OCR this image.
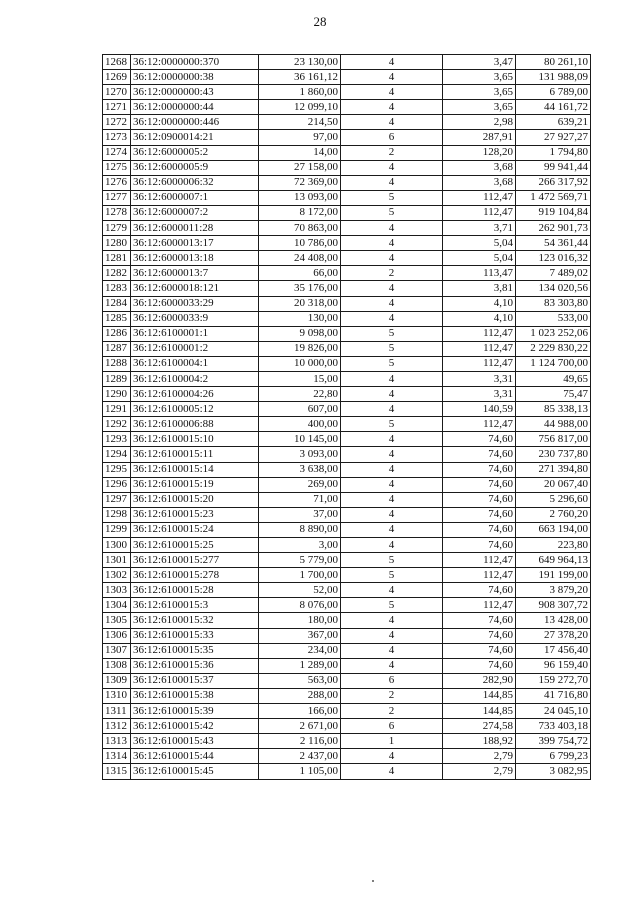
28
1268	36:12:0000000:370	23 130,00	4	3,47	80 261,10
1269	36:12:0000000:38	36 161,12	4	3,65	131 988,09
1270	36:12:0000000:43	1 860,00	4	3,65	6 789,00
1271	36:12:0000000:44	12 099,10	4	3,65	44 161,72
1272	36:12:0000000:446	214,50	4	2,98	639,21
1273	36:12:0900014:21	97,00	6	287,91	27 927,27
1274	36:12:6000005:2	14,00	2	128,20	1 794,80
1275	36:12:6000005:9	27 158,00	4	3,68	99 941,44
1276	36:12:6000006:32	72 369,00	4	3,68	266 317,92
1277	36:12:6000007:1	13 093,00	5	112,47	1 472 569,71
1278	36:12:6000007:2	8 172,00	5	112,47	919 104,84
1279	36:12:6000011:28	70 863,00	4	3,71	262 901,73
1280	36:12:6000013:17	10 786,00	4	5,04	54 361,44
1281	36:12:6000013:18	24 408,00	4	5,04	123 016,32
1282	36:12:6000013:7	66,00	2	113,47	7 489,02
1283	36:12:6000018:121	35 176,00	4	3,81	134 020,56
1284	36:12:6000033:29	20 318,00	4	4,10	83 303,80
1285	36:12:6000033:9	130,00	4	4,10	533,00
1286	36:12:6100001:1	9 098,00	5	112,47	1 023 252,06
1287	36:12:6100001:2	19 826,00	5	112,47	2 229 830,22
1288	36:12:6100004:1	10 000,00	5	112,47	1 124 700,00
1289	36:12:6100004:2	15,00	4	3,31	49,65
1290	36:12:6100004:26	22,80	4	3,31	75,47
1291	36:12:6100005:12	607,00	4	140,59	85 338,13
1292	36:12:6100006:88	400,00	5	112,47	44 988,00
1293	36:12:6100015:10	10 145,00	4	74,60	756 817,00
1294	36:12:6100015:11	3 093,00	4	74,60	230 737,80
1295	36:12:6100015:14	3 638,00	4	74,60	271 394,80
1296	36:12:6100015:19	269,00	4	74,60	20 067,40
1297	36:12:6100015:20	71,00	4	74,60	5 296,60
1298	36:12:6100015:23	37,00	4	74,60	2 760,20
1299	36:12:6100015:24	8 890,00	4	74,60	663 194,00
1300	36:12:6100015:25	3,00	4	74,60	223,80
1301	36:12:6100015:277	5 779,00	5	112,47	649 964,13
1302	36:12:6100015:278	1 700,00	5	112,47	191 199,00
1303	36:12:6100015:28	52,00	4	74,60	3 879,20
1304	36:12:6100015:3	8 076,00	5	112,47	908 307,72
1305	36:12:6100015:32	180,00	4	74,60	13 428,00
1306	36:12:6100015:33	367,00	4	74,60	27 378,20
1307	36:12:6100015:35	234,00	4	74,60	17 456,40
1308	36:12:6100015:36	1 289,00	4	74,60	96 159,40
1309	36:12:6100015:37	563,00	6	282,90	159 272,70
1310	36:12:6100015:38	288,00	2	144,85	41 716,80
1311	36:12:6100015:39	166,00	2	144,85	24 045,10
1312	36:12:6100015:42	2 671,00	6	274,58	733 403,18
1313	36:12:6100015:43	2 116,00	1	188,92	399 754,72
1314	36:12:6100015:44	2 437,00	4	2,79	6 799,23
1315	36:12:6100015:45	1 105,00	4	2,79	3 082,95
